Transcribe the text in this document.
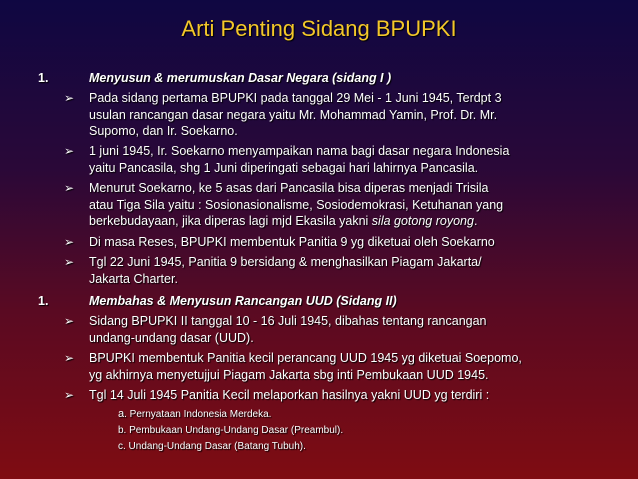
Arti Penting Sidang BPUPKI
1.	Menyusun & merumuskan Dasar Negara (sidang I )
➢ Pada sidang pertama BPUPKI pada tanggal 29 Mei - 1 Juni 1945, Terdpt 3
usulan rancangan dasar negara yaitu Mr. Mohammad Yamin, Prof. Dr. Mr.
Supomo, dan Ir. Soekarno.
➢ 1 juni 1945, Ir. Soekarno menyampaikan nama bagi dasar negara Indonesia
yaitu Pancasila, shg 1 Juni diperingati sebagai hari lahirnya Pancasila.
➢ Menurut Soekarno, ke 5 asas dari Pancasila bisa diperas menjadi Trisila
atau Tiga Sila yaitu : Sosionasionalisme, Sosiodemokrasi, Ketuhanan yang
berkebudayaan, jika diperas lagi mjd Ekasila yakni sila gotong royong.
➢ Di masa Reses, BPUPKI membentuk Panitia 9 yg diketuai oleh Soekarno
➢ Tgl 22 Juni 1945, Panitia 9 bersidang & menghasilkan Piagam Jakarta/
Jakarta Charter.
1.	Membahas & Menyusun Rancangan UUD (Sidang II)
➢ Sidang BPUPKI II tanggal 10 - 16 Juli 1945, dibahas tentang rancangan
undang-undang dasar (UUD).
➢ BPUPKI membentuk Panitia kecil perancang UUD 1945 yg diketuai Soepomo,
yg akhirnya menyetujjui Piagam Jakarta sbg inti Pembukaan UUD 1945.
➢ Tgl 14 Juli 1945 Panitia Kecil melaporkan hasilnya yakni UUD yg terdiri :
a. Pernyataan Indonesia Merdeka.
b. Pembukaan Undang-Undang Dasar (Preambul).
c. Undang-Undang Dasar (Batang Tubuh).
